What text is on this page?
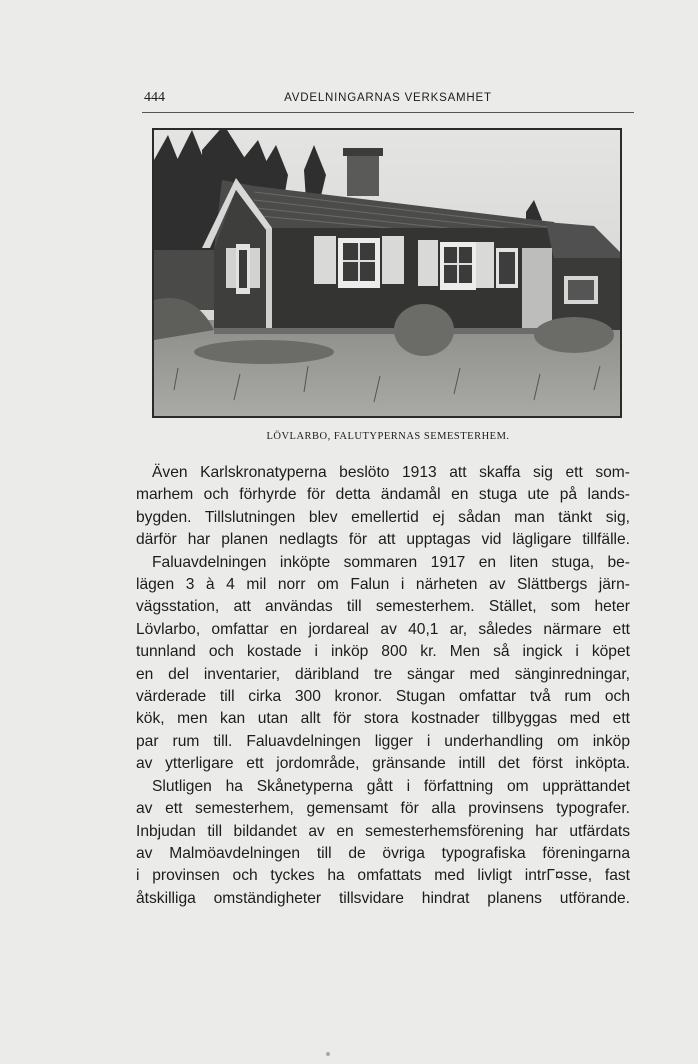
444	AVDELNINGARNAS VERKSAMHET
LÖVLARBO, FALUTYPERNAS SEMESTERHEM.
Även Karlskronatyperna beslöto 1913 att skaffa sig ett som-
marhem och förhyrde för detta ändamål en stuga ute på lands-
bygden. Tillslutningen blev emellertid ej sådan man tänkt sig,
därför har planen nedlagts för att upptagas vid lägligare tillfälle.
Faluavdelningen inköpte sommaren 1917 en liten stuga, be-
lägen 3 à 4 mil norr om Falun i närheten av Slättbergs järn-
vägsstation, att användas till semesterhem. Stället, som heter
Lövlarbo, omfattar en jordareal av 40,1 ar, således närmare ett
tunnland och kostade i inköp 800 kr. Men så ingick i köpet
en del inventarier, däribland tre sängar med sänginredningar,
värderade till cirka 300 kronor. Stugan omfattar två rum och
kök, men kan utan allt för stora kostnader tillbyggas med ett
par rum till. Faluavdelningen ligger i underhandling om inköp
av ytterligare ett jordområde, gränsande intill det först inköpta.
Slutligen ha Skånetyperna gått i författning om upprättandet
av ett semesterhem, gemensamt för alla provinsens typografer.
Inbjudan till bildandet av en semesterhemsförening har utfärdats
av Malmöavdelningen till de övriga typografiska föreningarna
i provinsen och tyckes ha omfattats med livligt intrГ¤sse, fast
åtskilliga omständigheter tillsvidare hindrat planens utförande.
